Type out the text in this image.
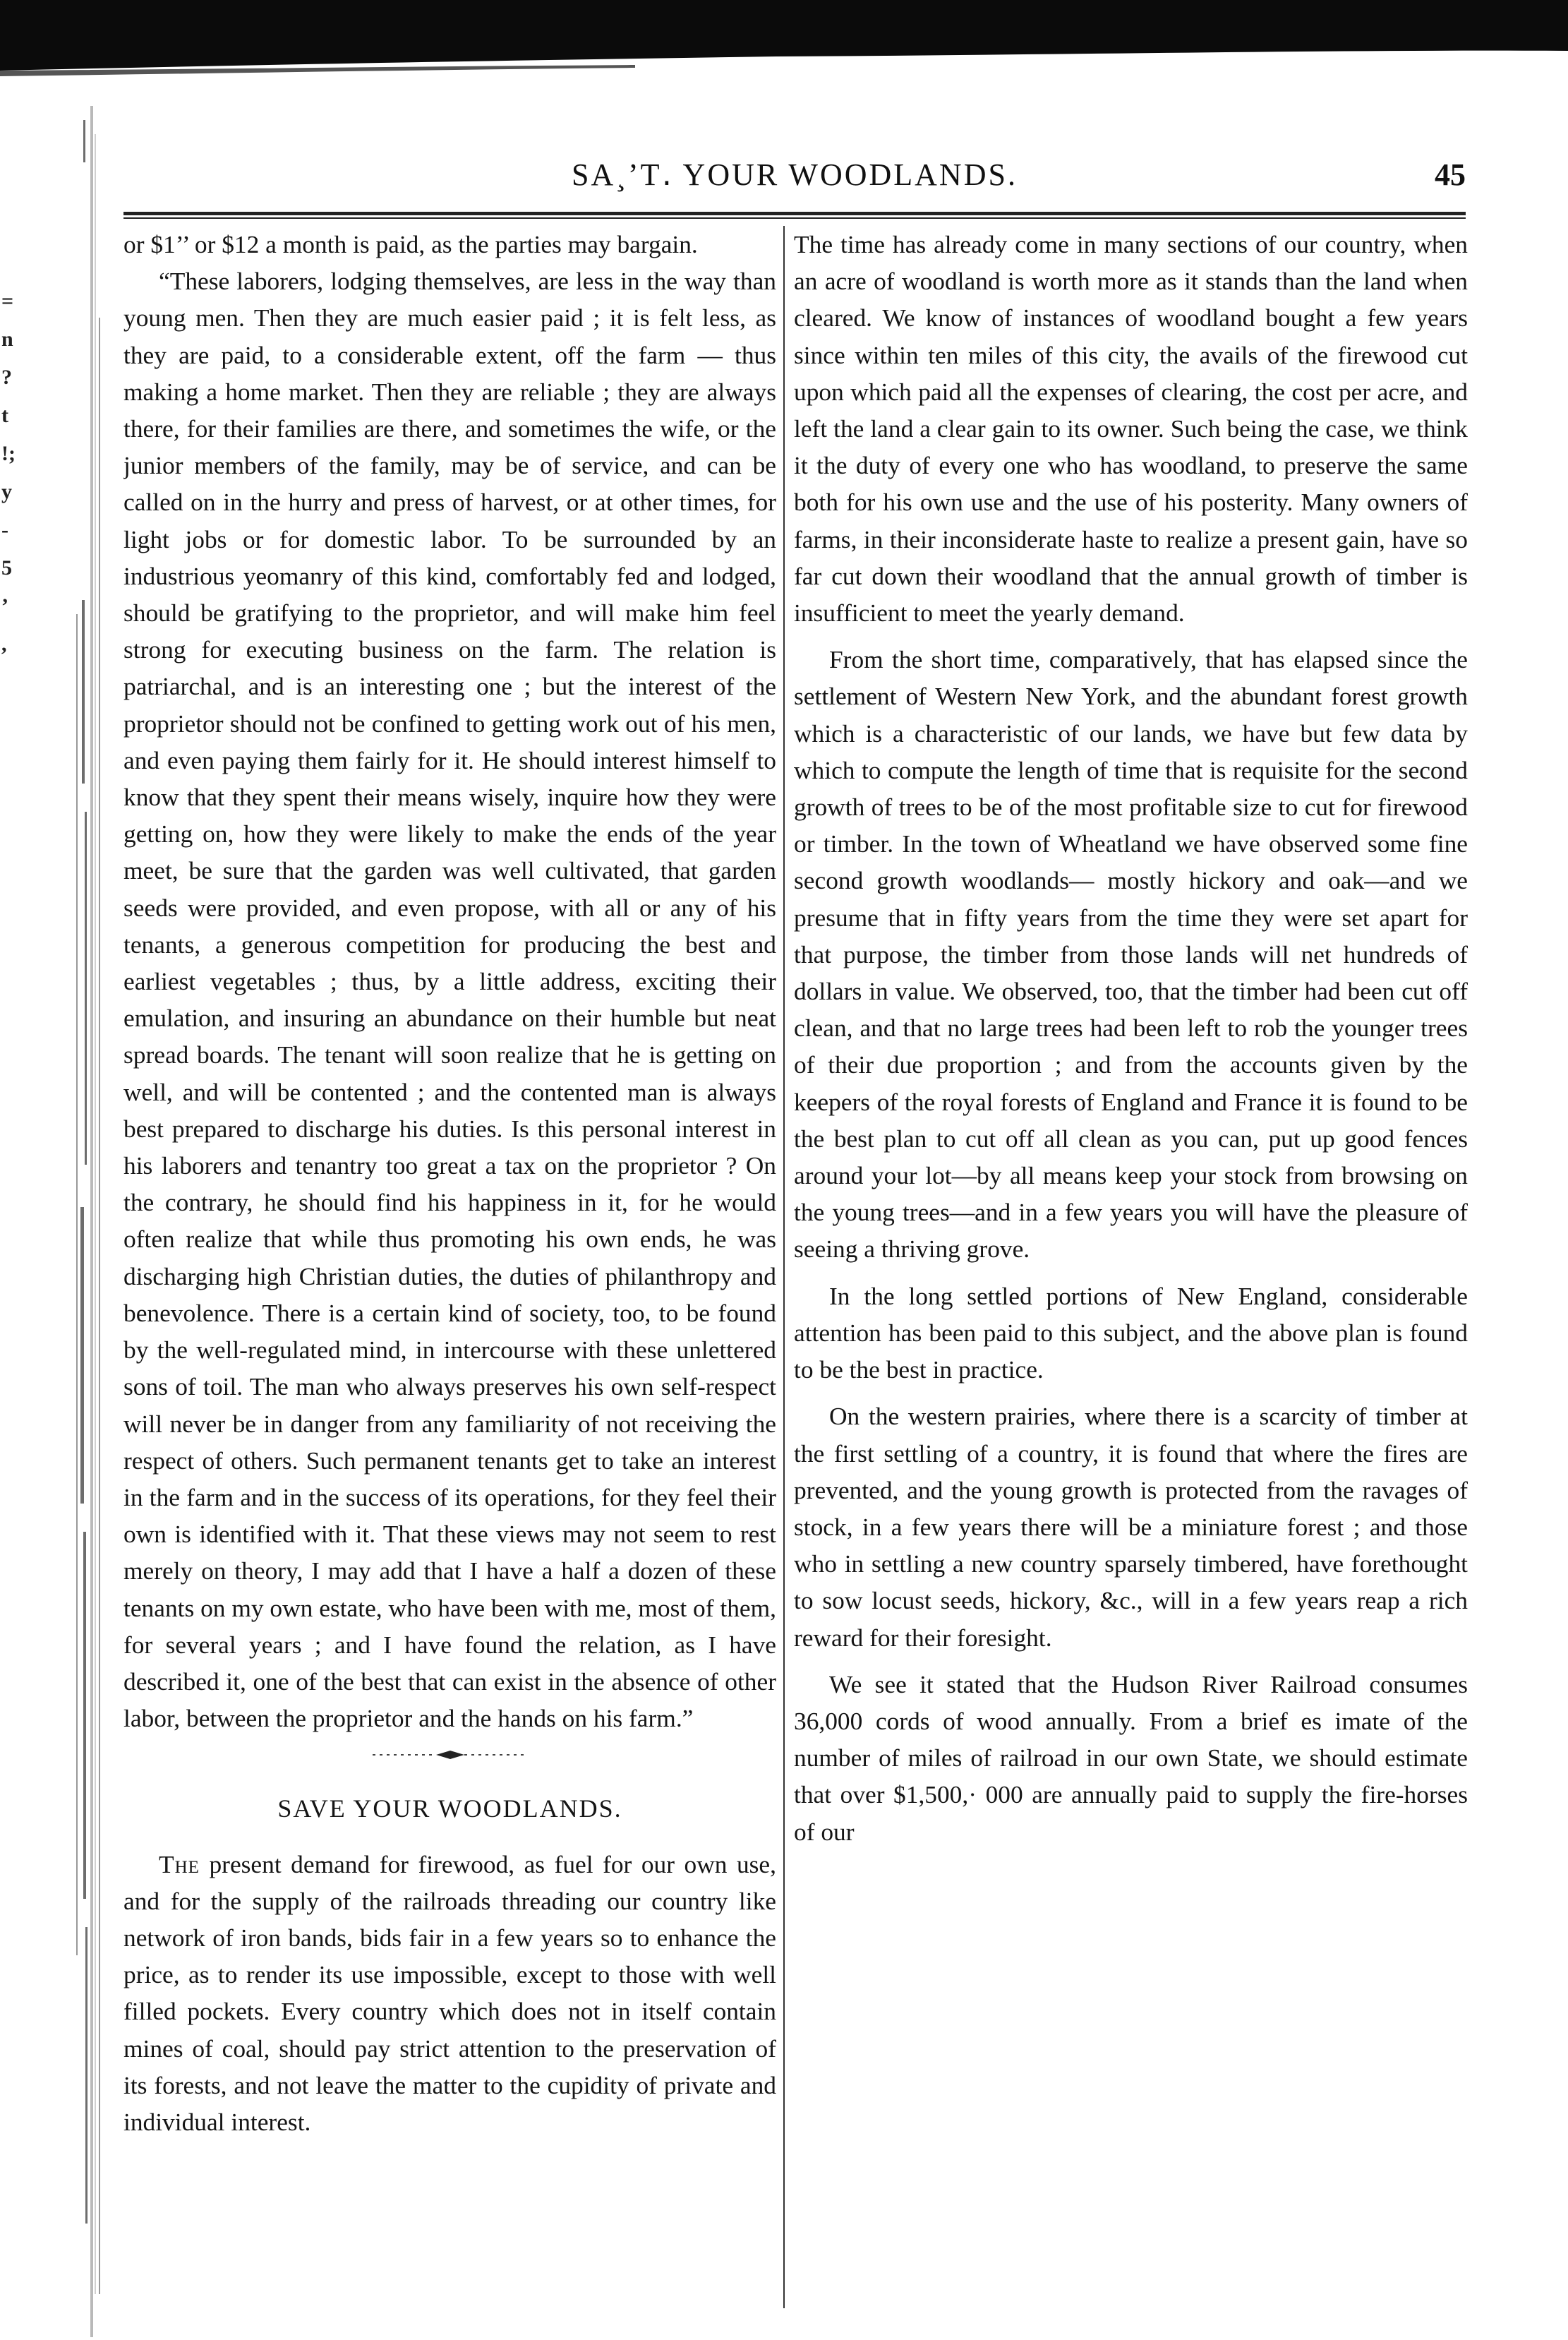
=
n
?
t
!;
y
-
5
’
,
SA¸’T․ YOUR WOODLANDS.	45

or $1’’ or $12 a month is paid, as the parties may bargain.

“These laborers, lodging themselves, are less in the way than young men. Then they are much easier paid ; it is felt less, as they are paid, to a considerable extent, off the farm — thus making a home market. Then they are reliable ; they are always there, for their families are there, and sometimes the wife, or the junior members of the family, may be of service, and can be called on in the hurry and press of harvest, or at other times, for light jobs or for domestic labor. To be surrounded by an industrious yeomanry of this kind, comfortably fed and lodged, should be gratifying to the proprietor, and will make him feel strong for executing business on the farm. The relation is patriarchal, and is an interesting one ; but the interest of the proprietor should not be confined to getting work out of his men, and even paying them fairly for it. He should interest himself to know that they spent their means wisely, inquire how they were getting on, how they were likely to make the ends of the year meet, be sure that the garden was well cultivated, that garden seeds were provided, and even propose, with all or any of his tenants, a generous competition for producing the best and earliest vegetables ; thus, by a little address, exciting their emulation, and insuring an abundance on their humble but neat spread boards. The tenant will soon realize that he is getting on well, and will be contented ; and the contented man is always best prepared to discharge his duties. Is this personal interest in his laborers and tenantry too great a tax on the proprietor ? On the contrary, he should find his happiness in it, for he would often realize that while thus promoting his own ends, he was discharging high Christian duties, the duties of philanthropy and benevolence. There is a certain kind of society, too, to be found by the well-regulated mind, in intercourse with these unlettered sons of toil. The man who always preserves his own self-respect will never be in danger from any familiarity of not receiving the respect of others. Such permanent tenants get to take an interest in the farm and in the success of its operations, for they feel their own is identified with it. That these views may not seem to rest merely on theory, I may add that I have a half a dozen of these tenants on my own estate, who have been with me, most of them, for several years ; and I have found the relation, as I have described it, one of the best that can exist in the absence of other labor, between the proprietor and the hands on his farm.”

SAVE YOUR WOODLANDS.

The present demand for firewood, as fuel for our own use, and for the supply of the railroads threading our country like network of iron bands, bids fair in a few years so to enhance the price, as to render its use impossible, except to those with well filled pockets. Every country which does not in itself contain mines of coal, should pay strict attention to the preservation of its forests, and not leave the matter to the cupidity of private and individual interest.

The time has already come in many sections of our country, when an acre of woodland is worth more as it stands than the land when cleared. We know of instances of woodland bought a few years since within ten miles of this city, the avails of the firewood cut upon which paid all the expenses of clearing, the cost per acre, and left the land a clear gain to its owner. Such being the case, we think it the duty of every one who has woodland, to preserve the same both for his own use and the use of his posterity. Many owners of farms, in their inconsiderate haste to realize a present gain, have so far cut down their woodland that the annual growth of timber is insufficient to meet the yearly demand.

From the short time, comparatively, that has elapsed since the settlement of Western New York, and the abundant forest growth which is a characteristic of our lands, we have but few data by which to compute the length of time that is requisite for the second growth of trees to be of the most profitable size to cut for firewood or timber. In the town of Wheatland we have observed some fine second growth woodlands— mostly hickory and oak—and we presume that in fifty years from the time they were set apart for that purpose, the timber from those lands will net hundreds of dollars in value. We observed, too, that the timber had been cut off clean, and that no large trees had been left to rob the younger trees of their due proportion ; and from the accounts given by the keepers of the royal forests of England and France it is found to be the best plan to cut off all clean as you can, put up good fences around your lot—by all means keep your stock from browsing on the young trees—and in a few years you will have the pleasure of seeing a thriving grove.

In the long settled portions of New England, considerable attention has been paid to this subject, and the above plan is found to be the best in practice.

On the western prairies, where there is a scarcity of timber at the first settling of a country, it is found that where the fires are prevented, and the young growth is protected from the ravages of stock, in a few years there will be a miniature forest ; and those who in settling a new country sparsely timbered, have forethought to sow locust seeds, hickory, &c., will in a few years reap a rich reward for their foresight.

We see it stated that the Hudson River Railroad consumes 36,000 cords of wood annually. From a brief es imate of the number of miles of railroad in our own State, we should estimate that over $1,500,· 000 are annually paid to supply the fire-horses of our
